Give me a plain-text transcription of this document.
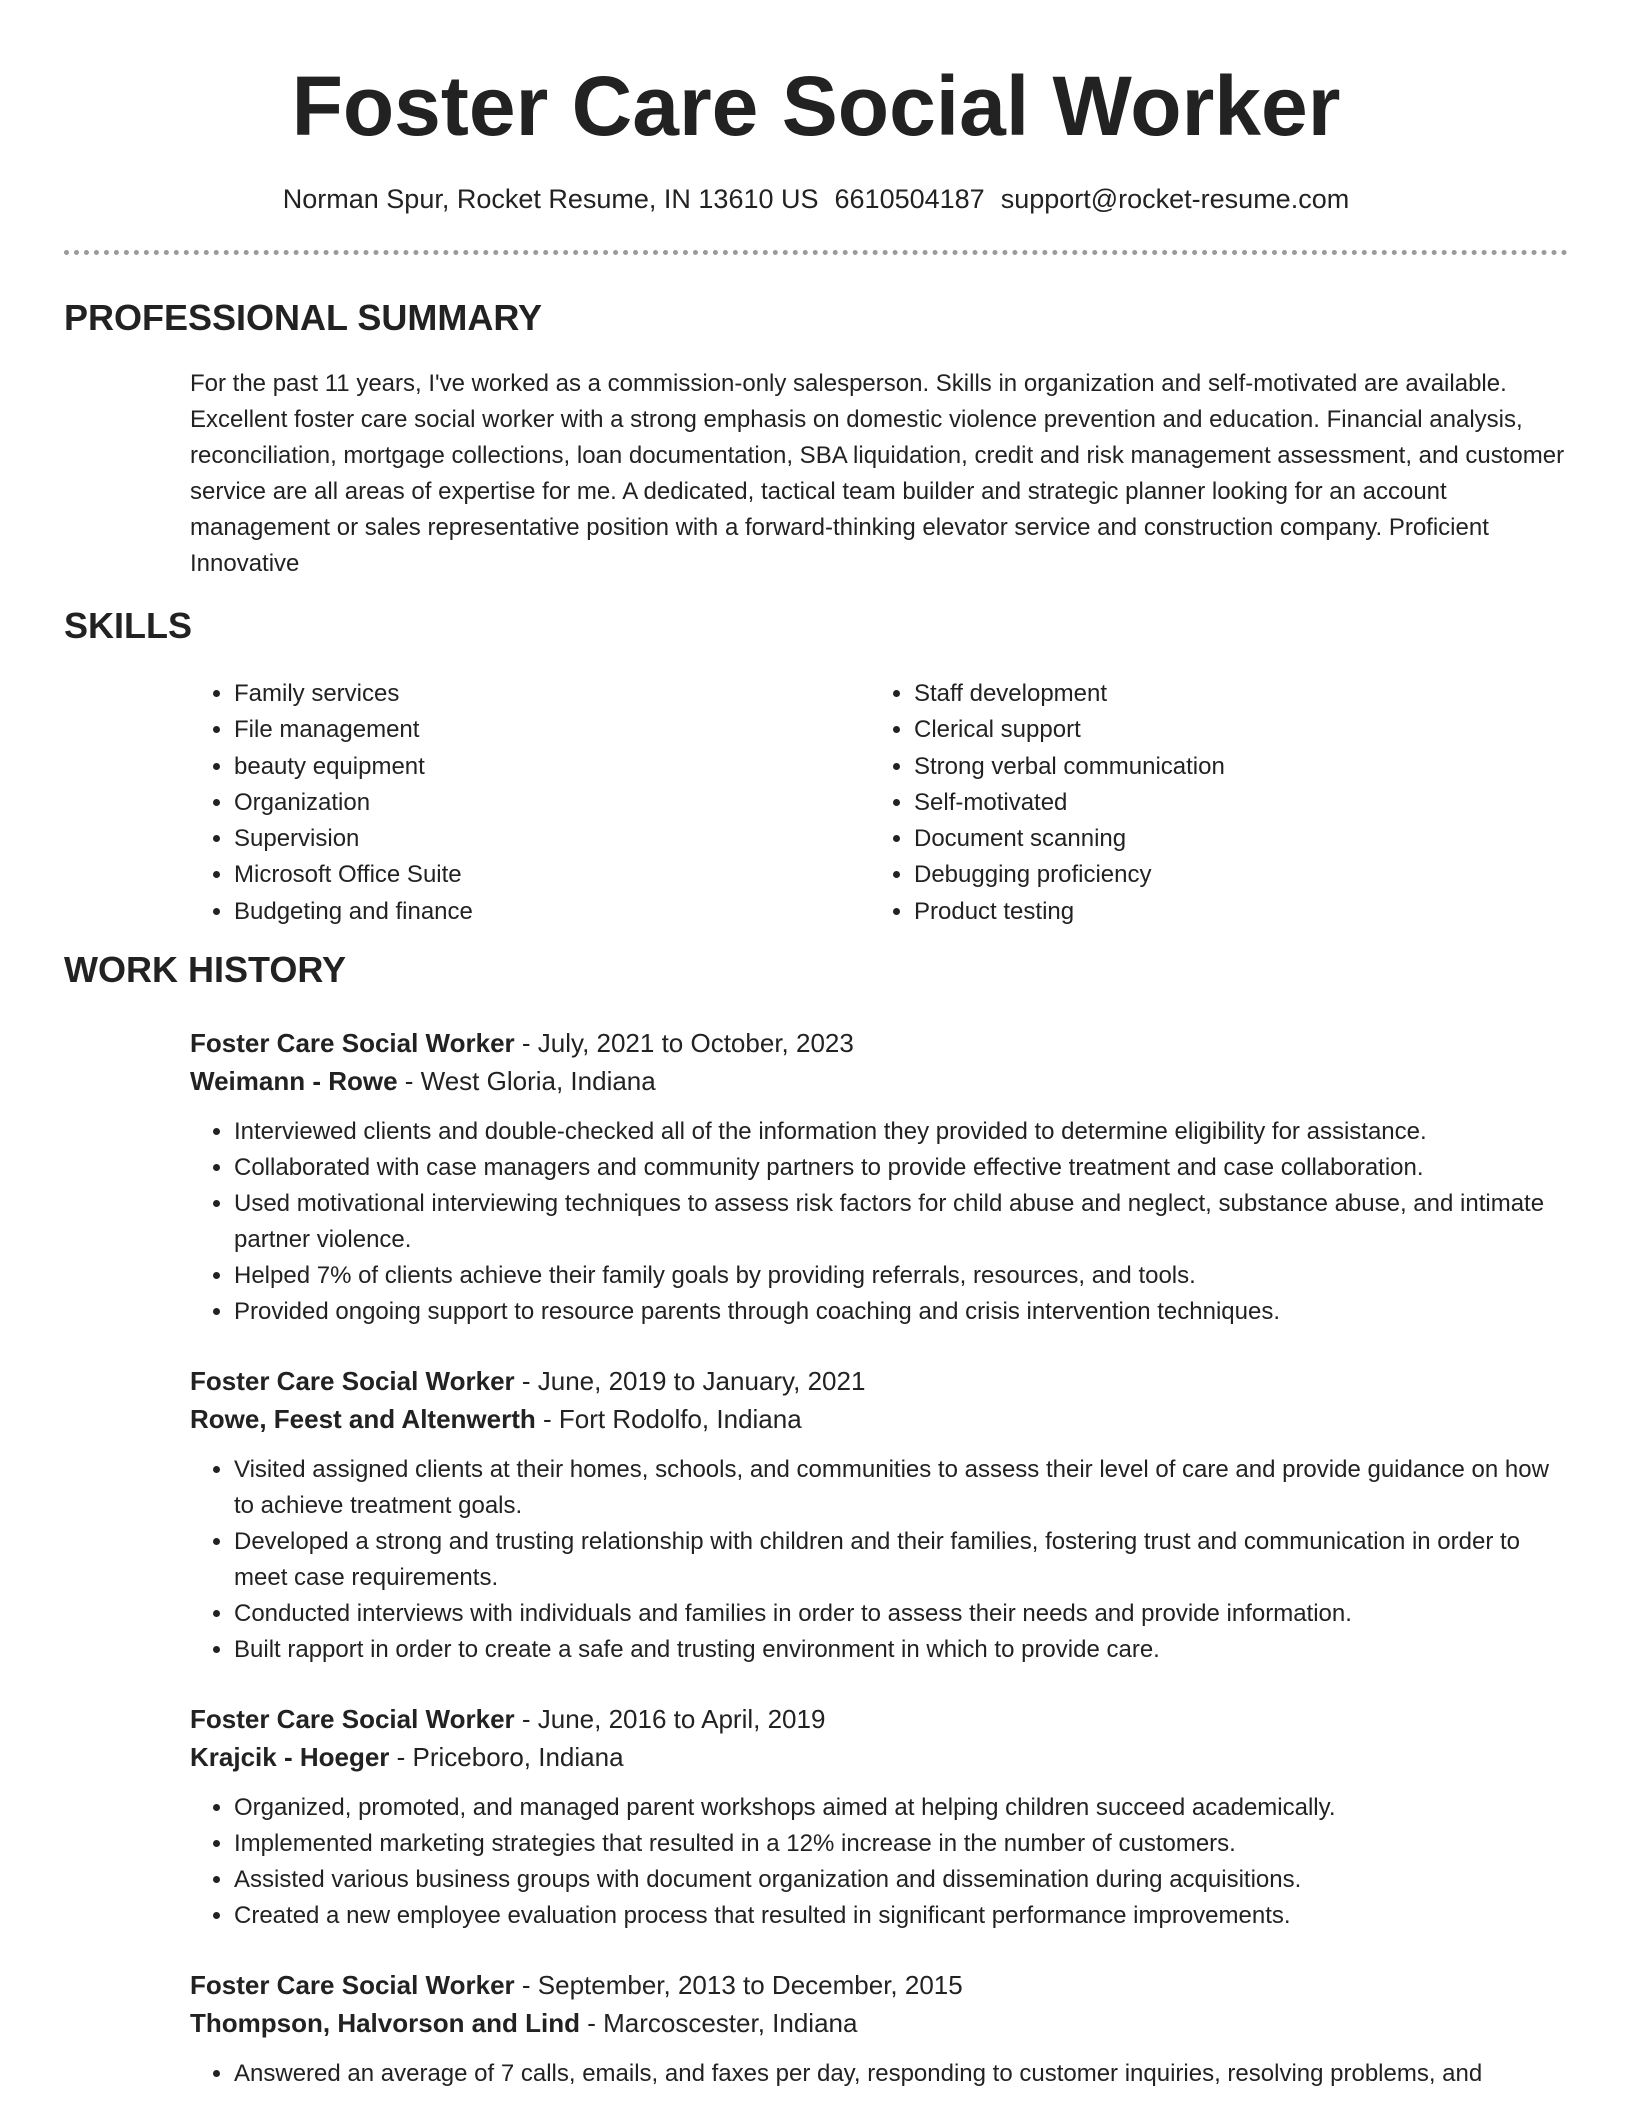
Foster Care Social Worker
Norman Spur, Rocket Resume, IN 13610 US 6610504187 support@rocket-resume.com
PROFESSIONAL SUMMARY
For the past 11 years, I've worked as a commission-only salesperson. Skills in organization and self-motivated are available. Excellent foster care social worker with a strong emphasis on domestic violence prevention and education. Financial analysis, reconciliation, mortgage collections, loan documentation, SBA liquidation, credit and risk management assessment, and customer service are all areas of expertise for me. A dedicated, tactical team builder and strategic planner looking for an account management or sales representative position with a forward-thinking elevator service and construction company. Proficient Innovative
SKILLS
• Family services
• File management
• beauty equipment
• Organization
• Supervision
• Microsoft Office Suite
• Budgeting and finance
• Staff development
• Clerical support
• Strong verbal communication
• Self-motivated
• Document scanning
• Debugging proficiency
• Product testing
WORK HISTORY
Foster Care Social Worker - July, 2021 to October, 2023
Weimann - Rowe - West Gloria, Indiana
• Interviewed clients and double-checked all of the information they provided to determine eligibility for assistance.
• Collaborated with case managers and community partners to provide effective treatment and case collaboration.
• Used motivational interviewing techniques to assess risk factors for child abuse and neglect, substance abuse, and intimate partner violence.
• Helped 7% of clients achieve their family goals by providing referrals, resources, and tools.
• Provided ongoing support to resource parents through coaching and crisis intervention techniques.
Foster Care Social Worker - June, 2019 to January, 2021
Rowe, Feest and Altenwerth - Fort Rodolfo, Indiana
• Visited assigned clients at their homes, schools, and communities to assess their level of care and provide guidance on how to achieve treatment goals.
• Developed a strong and trusting relationship with children and their families, fostering trust and communication in order to meet case requirements.
• Conducted interviews with individuals and families in order to assess their needs and provide information.
• Built rapport in order to create a safe and trusting environment in which to provide care.
Foster Care Social Worker - June, 2016 to April, 2019
Krajcik - Hoeger - Priceboro, Indiana
• Organized, promoted, and managed parent workshops aimed at helping children succeed academically.
• Implemented marketing strategies that resulted in a 12% increase in the number of customers.
• Assisted various business groups with document organization and dissemination during acquisitions.
• Created a new employee evaluation process that resulted in significant performance improvements.
Foster Care Social Worker - September, 2013 to December, 2015
Thompson, Halvorson and Lind - Marcoscester, Indiana
• Answered an average of 7 calls, emails, and faxes per day, responding to customer inquiries, resolving problems, and
